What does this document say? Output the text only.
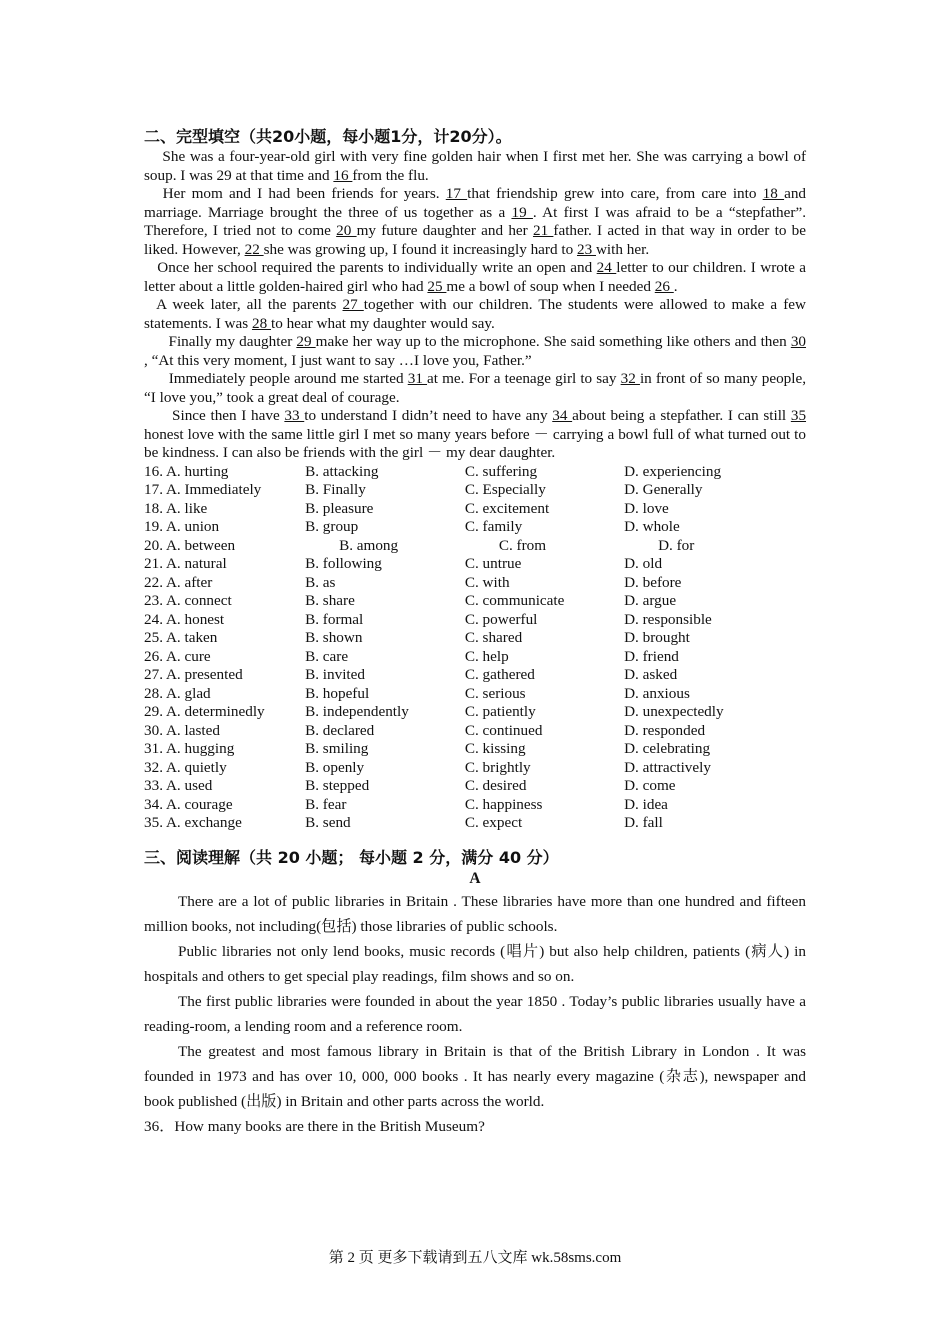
二、完型填空（共20小题，每小题1分，计20分）。

She was a four-year-old girl with very fine golden hair when I first met her. She was carrying a bowl of soup. I was 29 at that time and 16 from the flu.

Her mom and I had been friends for years. 17 that friendship grew into care, from care into 18 and marriage. Marriage brought the three of us together as a 19 . At first I was afraid to be a “stepfather”. Therefore, I tried not to come 20 my future daughter and her 21 father. I acted in that way in order to be liked. However, 22 she was growing up, I found it increasingly hard to 23 with her.

Once her school required the parents to individually write an open and 24 letter to our children. I wrote a letter about a little golden-haired girl who had 25 me a bowl of soup when I needed 26 .

A week later, all the parents 27 together with our children. The students were allowed to make a few statements. I was 28 to hear what my daughter would say.

Finally my daughter 29 make her way up to the microphone. She said something like others and then 30 , “At this very moment, I just want to say …I love you, Father.”

Immediately people around me started 31 at me. For a teenage girl to say 32 in front of so many people, “I love you,” took a great deal of courage.

Since then I have 33 to understand I didn’t need to have any 34 about being a stepfather. I can still 35 honest love with the same little girl I met so many years before － carrying a bowl full of what turned out to be kindness. I can also be friends with the girl － my dear daughter.

16. A. hurting	B. attacking	C. suffering	D. experiencing
17. A. Immediately	B. Finally	C. Especially	D. Generally
18. A. like	B. pleasure	C. excitement	D. love
19. A. union	B. group	C. family	D. whole
20. A. between	B. among	C. from	D. for
21. A. natural	B. following	C. untrue	D. old
22. A. after	B. as	C. with	D. before
23. A. connect	B. share	C. communicate	D. argue
24. A. honest	B. formal	C. powerful	D. responsible
25. A. taken	B. shown	C. shared	D. brought
26. A. cure	B. care	C. help	D. friend
27. A. presented	B. invited	C. gathered	D. asked
28. A. glad	B. hopeful	C. serious	D. anxious
29. A. determinedly	B. independently	C. patiently	D. unexpectedly
30. A. lasted	B. declared	C. continued	D. responded
31. A. hugging	B. smiling	C. kissing	D. celebrating
32. A. quietly	B. openly	C. brightly	D. attractively
33. A. used	B. stepped	C. desired	D. come
34. A. courage	B. fear	C. happiness	D. idea
35. A. exchange	B. send	C. expect	D. fall

三、阅读理解（共 20 小题； 每小题 2 分，满分 40 分）

A

There are a lot of public libraries in Britain . These libraries have more than one hundred and fifteen million books, not including(包括) those libraries of public schools.

Public libraries not only lend books, music records (唱片) but also help children, patients (病人) in hospitals and others to get special play readings, film shows and so on.

The first public libraries were founded in about the year 1850 . Today’s public libraries usually have a reading-room, a lending room and a reference room.

The greatest and most famous library in Britain is that of the British Library in London . It was founded in 1973 and has over 10, 000, 000 books . It has nearly every magazine (杂志), newspaper and book published (出版) in Britain and other parts across the world.

36．How many books are there in the British Museum?

第 2 页 更多下载请到五八文库 wk.58sms.com
